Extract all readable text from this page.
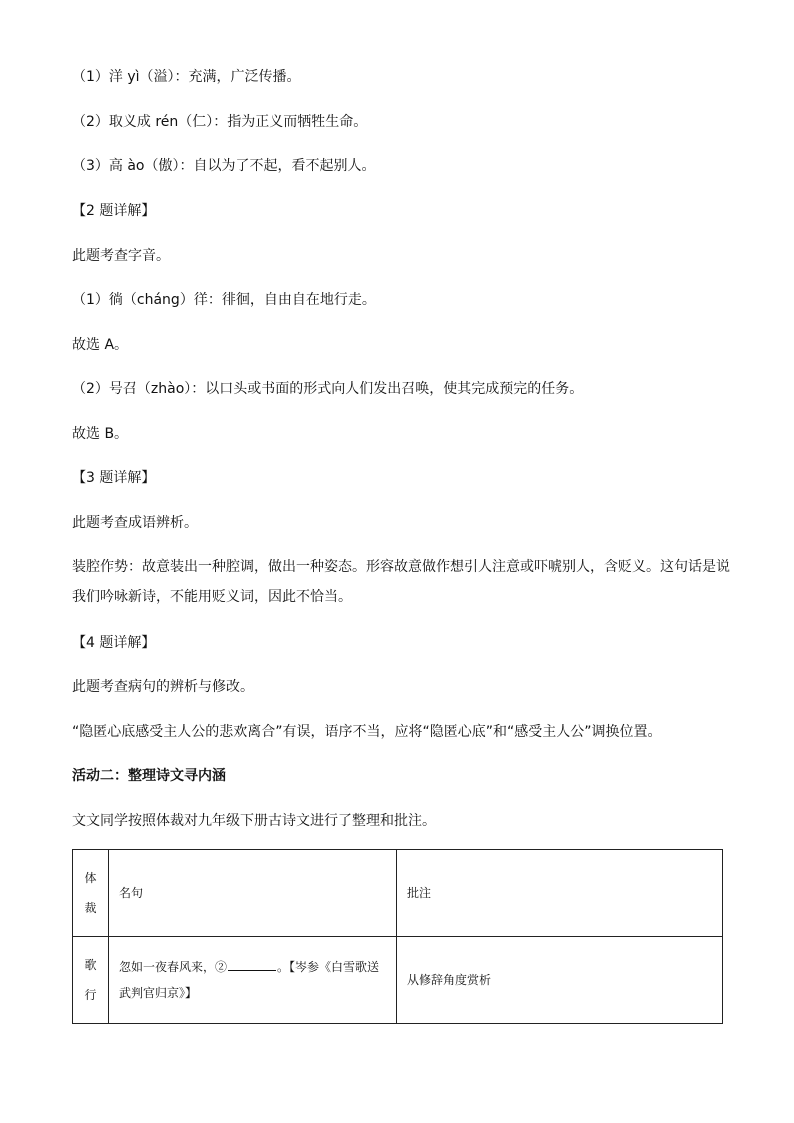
（1）洋 yì（溢）：充满，广泛传播。
（2）取义成 rén（仁）：指为正义而牺牲生命。
（3）高 ào（傲）：自以为了不起，看不起别人。
【2 题详解】
此题考查字音。
（1）徜（cháng）徉：徘徊，自由自在地行走。
故选 A。
（2）号召（zhào）：以口头或书面的形式向人们发出召唤，使其完成预完的任务。
故选 B。
【3 题详解】
此题考查成语辨析。
装腔作势：故意装出一种腔调，做出一种姿态。形容故意做作想引人注意或吓唬别人，含贬义。这句话是说我们吟咏新诗，不能用贬义词，因此不恰当。
【4 题详解】
此题考查病句的辨析与修改。
“隐匿心底感受主人公的悲欢离合”有误，语序不当，应将“隐匿心底”和“感受主人公”调换位置。
活动二：整理诗文寻内涵
文文同学按照体裁对九年级下册古诗文进行了整理和批注。
体
裁	名句	批注

歌
行	忽如一夜春风来，② 。【岑参《白雪歌送武判官归京》】	从修辞角度赏析
